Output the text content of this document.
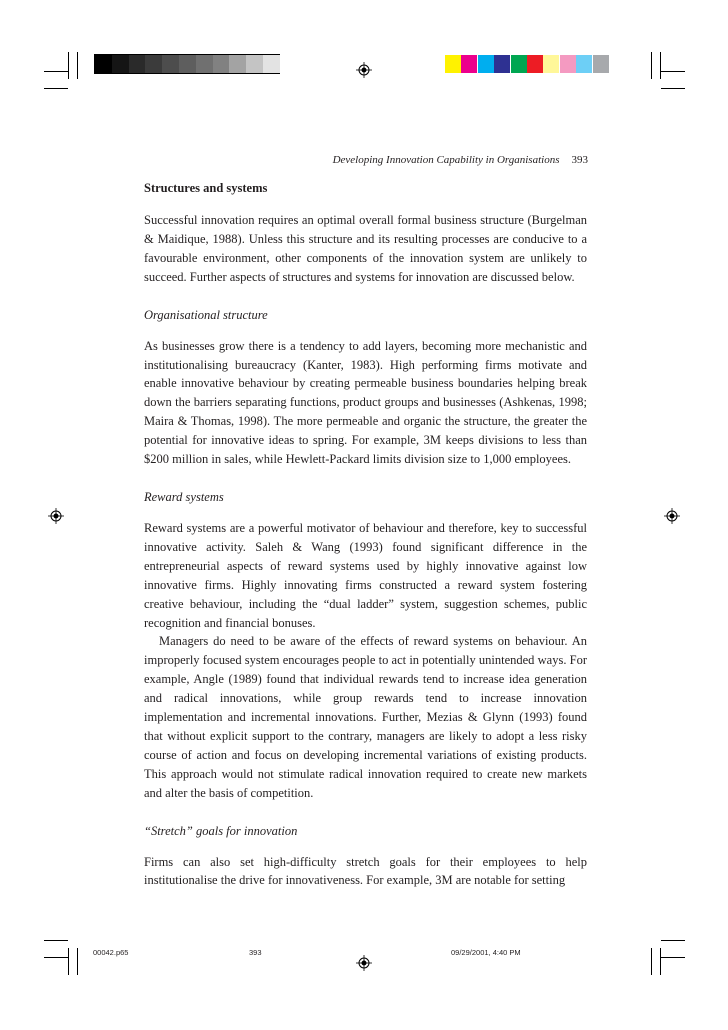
Developing Innovation Capability in Organisations 393
Structures and systems

Successful innovation requires an optimal overall formal business structure (Burgelman & Maidique, 1988). Unless this structure and its resulting processes are conducive to a favourable environment, other components of the innovation system are unlikely to succeed. Further aspects of structures and systems for innovation are discussed below.

Organisational structure

As businesses grow there is a tendency to add layers, becoming more mechanistic and institutionalising bureaucracy (Kanter, 1983). High performing firms motivate and enable innovative behaviour by creating permeable business boundaries helping break down the barriers separating functions, product groups and businesses (Ashkenas, 1998; Maira & Thomas, 1998). The more permeable and organic the structure, the greater the potential for innovative ideas to spring. For example, 3M keeps divisions to less than $200 million in sales, while Hewlett-Packard limits division size to 1,000 employees.

Reward systems

Reward systems are a powerful motivator of behaviour and therefore, key to successful innovative activity. Saleh & Wang (1993) found significant difference in the entrepreneurial aspects of reward systems used by highly innovative against low innovative firms. Highly innovating firms constructed a reward system fostering creative behaviour, including the “dual ladder” system, suggestion schemes, public recognition and financial bonuses.

Managers do need to be aware of the effects of reward systems on behaviour. An improperly focused system encourages people to act in potentially unintended ways. For example, Angle (1989) found that individual rewards tend to increase idea generation and radical innovations, while group rewards tend to increase innovation implementation and incremental innovations. Further, Mezias & Glynn (1993) found that without explicit support to the contrary, managers are likely to adopt a less risky course of action and focus on developing incremental variations of existing products. This approach would not stimulate radical innovation required to create new markets and alter the basis of competition.

“Stretch” goals for innovation

Firms can also set high-difficulty stretch goals for their employees to help institutionalise the drive for innovativeness. For example, 3M are notable for setting

00042.p65	393	09/29/2001, 4:40 PM
